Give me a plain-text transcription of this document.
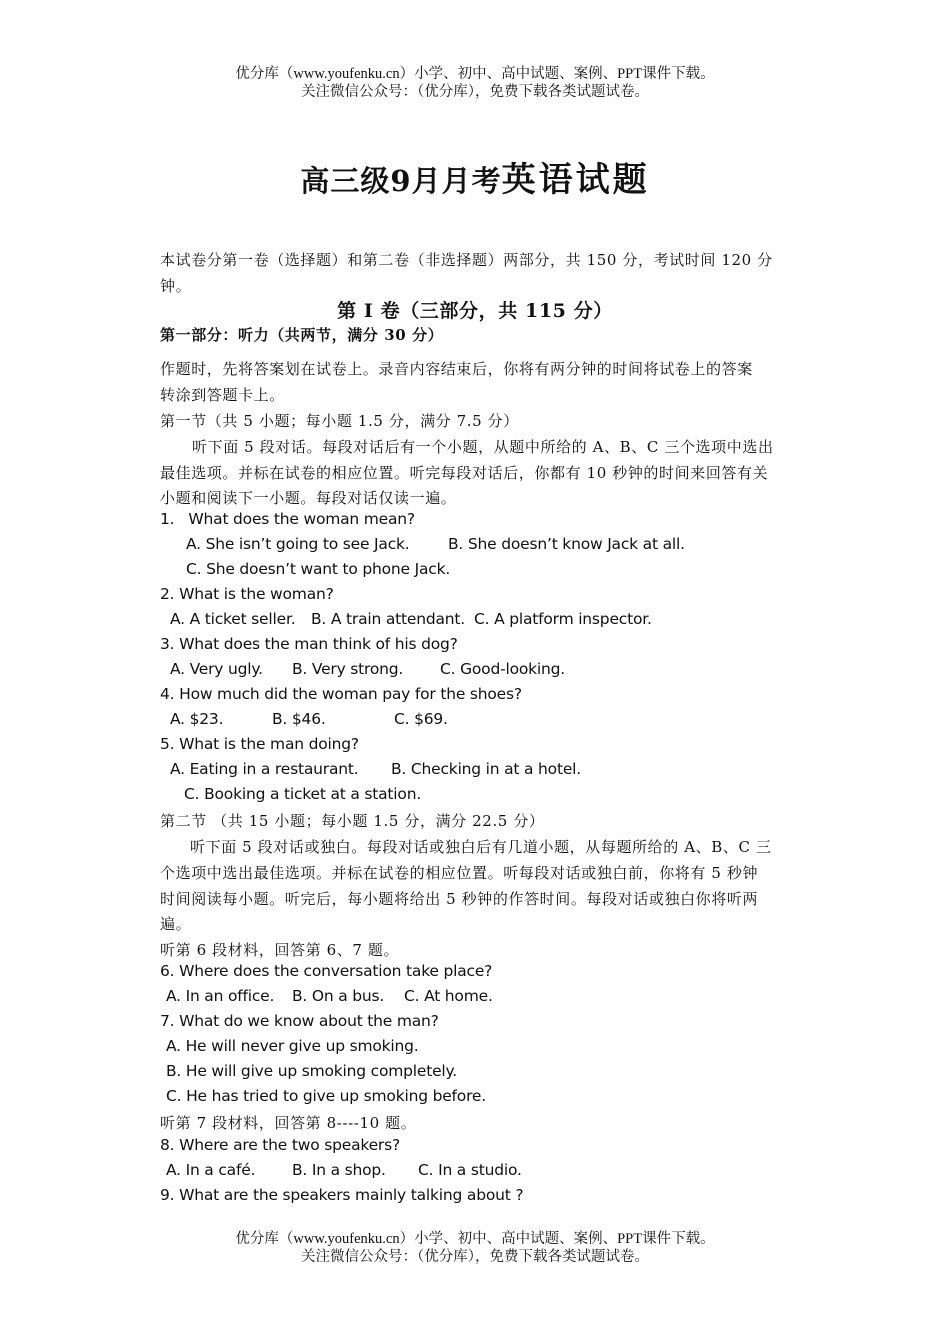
优分库（www.youfenku.cn）小学、初中、高中试题、案例、PPT课件下载。
关注微信公众号：（优分库），免费下载各类试题试卷。
高三级9月月考英语试题
本试卷分第一卷（选择题）和第二卷（非选择题）两部分，共 150 分，考试时间 120 分
钟。
第 I 卷（三部分，共 115 分）
第一部分：听力（共两节，满分 30 分）
作题时，先将答案划在试卷上。录音内容结束后，你将有两分钟的时间将试卷上的答案
转涂到答题卡上。
第一节（共 5 小题；每小题 1.5 分，满分 7.5 分）
听下面 5 段对话。每段对话后有一个小题，从题中所给的 A、B、C 三个选项中选出
最佳选项。并标在试卷的相应位置。听完每段对话后，你都有 10 秒钟的时间来回答有关
小题和阅读下一小题。每段对话仅读一遍。
1. What does the woman mean?
A. She isn’t going to see Jack. B. She doesn’t know Jack at all.
C. She doesn’t want to phone Jack.
2. What is the woman?
A. A ticket seller. B. A train attendant. C. A platform inspector.
3. What does the man think of his dog?
A. Very ugly. B. Very strong. C. Good-looking.
4. How much did the woman pay for the shoes?
A. $23.	B. $46.	C. $69.
5. What is the man doing?
A. Eating in a restaurant. B. Checking in at a hotel.
C. Booking a ticket at a station.
第二节 （共 15 小题；每小题 1.5 分，满分 22.5 分）
听下面 5 段对话或独白。每段对话或独白后有几道小题，从每题所给的 A、B、C 三
个选项中选出最佳选项。并标在试卷的相应位置。听每段对话或独白前，你将有 5 秒钟
时间阅读每小题。听完后，每小题将给出 5 秒钟的作答时间。每段对话或独白你将听两
遍。
听第 6 段材料，回答第 6、7 题。
6. Where does the conversation take place?
A. In an office. B. On a bus. C. At home.
7. What do we know about the man?
A. He will never give up smoking.
B. He will give up smoking completely.
C. He has tried to give up smoking before.
听第 7 段材料，回答第 8----10 题。
8. Where are the two speakers?
A. In a café. B. In a shop. C. In a studio.
9. What are the speakers mainly talking about ?
优分库（www.youfenku.cn）小学、初中、高中试题、案例、PPT课件下载。
关注微信公众号：（优分库），免费下载各类试题试卷。
